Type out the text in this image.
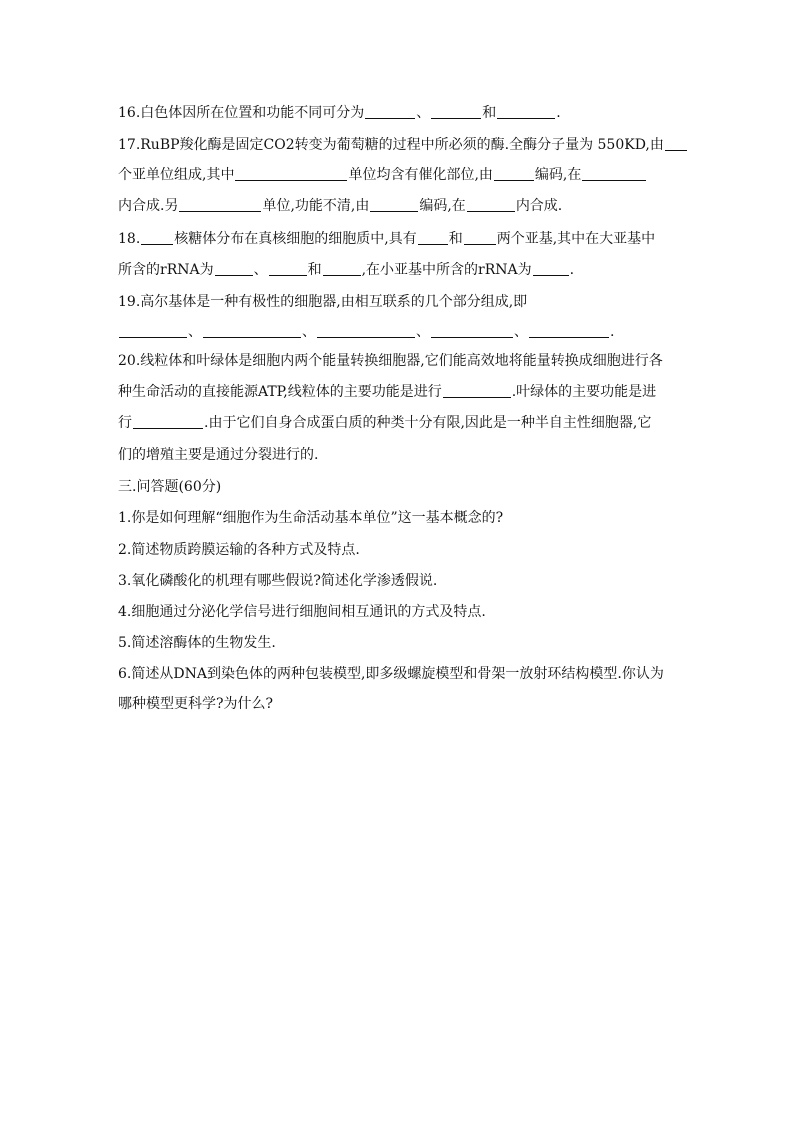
16.白色体因所在位置和功能不同可分为	、	和	.
17.RuBP羧化酶是固定CO2转变为葡萄糖的过程中所必须的酶.全酶分子量为 550KD,由
个亚单位组成,其中	单位均含有催化部位,由	编码,在
内合成.另	单位,功能不清,由	编码,在	内合成.
18. 核糖体分布在真核细胞的细胞质中,具有 和 两个亚基,其中在大亚基中
所含的rRNA为	、	和	,在小亚基中所含的rRNA为	.
19.高尔基体是一种有极性的细胞器,由相互联系的几个部分组成,即
、	、	、	、	.
20.线粒体和叶绿体是细胞内两个能量转换细胞器,它们能高效地将能量转换成细胞进行各
种生命活动的直接能源ATP,线粒体的主要功能是进行	.叶绿体的主要功能是进
行	.由于它们自身合成蛋白质的种类十分有限,因此是一种半自主性细胞器,它
们的增殖主要是通过分裂进行的.
三.问答题(60分)
1.你是如何理解“细胞作为生命活动基本单位”这一基本概念的?
2.简述物质跨膜运输的各种方式及特点.
3.氧化磷酸化的机理有哪些假说?简述化学渗透假说.
4.细胞通过分泌化学信号进行细胞间相互通讯的方式及特点.
5.简述溶酶体的生物发生.
6.简述从DNA到染色体的两种包装模型,即多级螺旋模型和骨架一放射环结构模型.你认为
哪种模型更科学?为什么?
